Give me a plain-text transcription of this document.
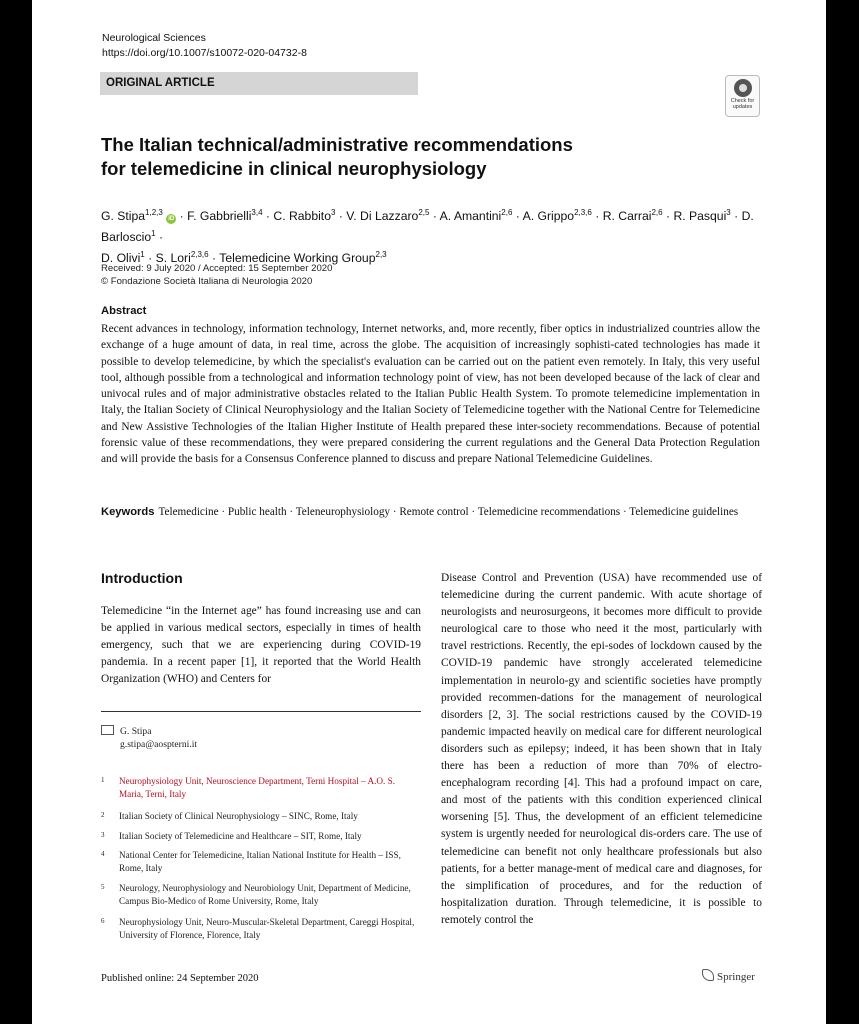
Neurological Sciences
https://doi.org/10.1007/s10072-020-04732-8
ORIGINAL ARTICLE
Check for
updates
The Italian technical/administrative recommendations
for telemedicine in clinical neurophysiology
G. Stipa$^{1,2,3}$ iD · F. Gabbrielli$^{3,4}$ · C. Rabbito$^3$ · V. Di Lazzaro$^{2,5}$ · A. Amantini$^{2,6}$ · A. Grippo$^{2,3,6}$ · R. Carrai$^{2,6}$ · R. Pasqui$^3$ · D. Barloscio$^1$ ·
D. Olivi$^1$ · S. Lori$^{2,3,6}$ · Telemedicine Working Group$^{2,3}$
Received: 9 July 2020 / Accepted: 15 September 2020
© Fondazione Società Italiana di Neurologia 2020
Abstract
Recent advances in technology, information technology, Internet networks, and, more recently, fiber optics in industrialized countries allow the exchange of a huge amount of data, in real time, across the globe. The acquisition of increasingly sophisti-cated technologies has made it possible to develop telemedicine, by which the specialist's evaluation can be carried out on the patient even remotely. In Italy, this very useful tool, although possible from a technological and information technology point of view, has not been developed because of the lack of clear and univocal rules and of major administrative obstacles related to the Italian Public Health System. To promote telemedicine implementation in Italy, the Italian Society of Clinical Neurophysiology and the Italian Society of Telemedicine together with the National Centre for Telemedicine and New Assistive Technologies of the Italian Higher Institute of Health prepared these inter-society recommendations. Because of potential forensic value of these recommendations, they were prepared considering the current regulations and the General Data Protection Regulation and will provide the basis for a Consensus Conference planned to discuss and prepare National Telemedicine Guidelines.
Keywords Telemedicine · Public health · Teleneurophysiology · Remote control · Telemedicine recommendations · Telemedicine guidelines
Introduction
Telemedicine “in the Internet age” has found increasing use and can be applied in various medical sectors, especially in times of health emergency, such that we are experiencing during COVID-19 pandemia. In a recent paper [1], it reported that the World Health Organization (WHO) and Centers for
G. Stipa
g.stipa@aospterni.it
1 Neurophysiology Unit, Neuroscience Department, Terni Hospital – A.O. S. Maria, Terni, Italy
2 Italian Society of Clinical Neurophysiology – SINC, Rome, Italy
3 Italian Society of Telemedicine and Healthcare – SIT, Rome, Italy
4 National Center for Telemedicine, Italian National Institute for Health – ISS, Rome, Italy
5 Neurology, Neurophysiology and Neurobiology Unit, Department of Medicine, Campus Bio-Medico of Rome University, Rome, Italy
6 Neurophysiology Unit, Neuro-Muscular-Skeletal Department, Careggi Hospital, University of Florence, Florence, Italy
Disease Control and Prevention (USA) have recommended use of telemedicine during the current pandemic. With acute shortage of neurologists and neurosurgeons, it becomes more difficult to provide neurological care to those who need it the most, particularly with travel restrictions. Recently, the epi-sodes of lockdown caused by the COVID-19 pandemic have strongly accelerated telemedicine implementation in neurolo-gy and scientific societies have promptly provided recommen-dations for the management of neurological disorders [2, 3]. The social restrictions caused by the COVID-19 pandemic impacted heavily on medical care for different neurological disorders such as epilepsy; indeed, it has been shown that in Italy there has been a reduction of more than 70% of electro-encephalogram recording [4]. This had a profound impact on care, and most of the patients with this condition experienced clinical worsening [5]. Thus, the development of an efficient telemedicine system is urgently needed for neurological dis-orders care. The use of telemedicine can benefit not only healthcare professionals but also patients, for a better manage-ment of medical care and diagnoses, for the simplification of procedures, and for the reduction of hospitalization duration. Through telemedicine, it is possible to remotely control the
Published online: 24 September 2020	Springer
